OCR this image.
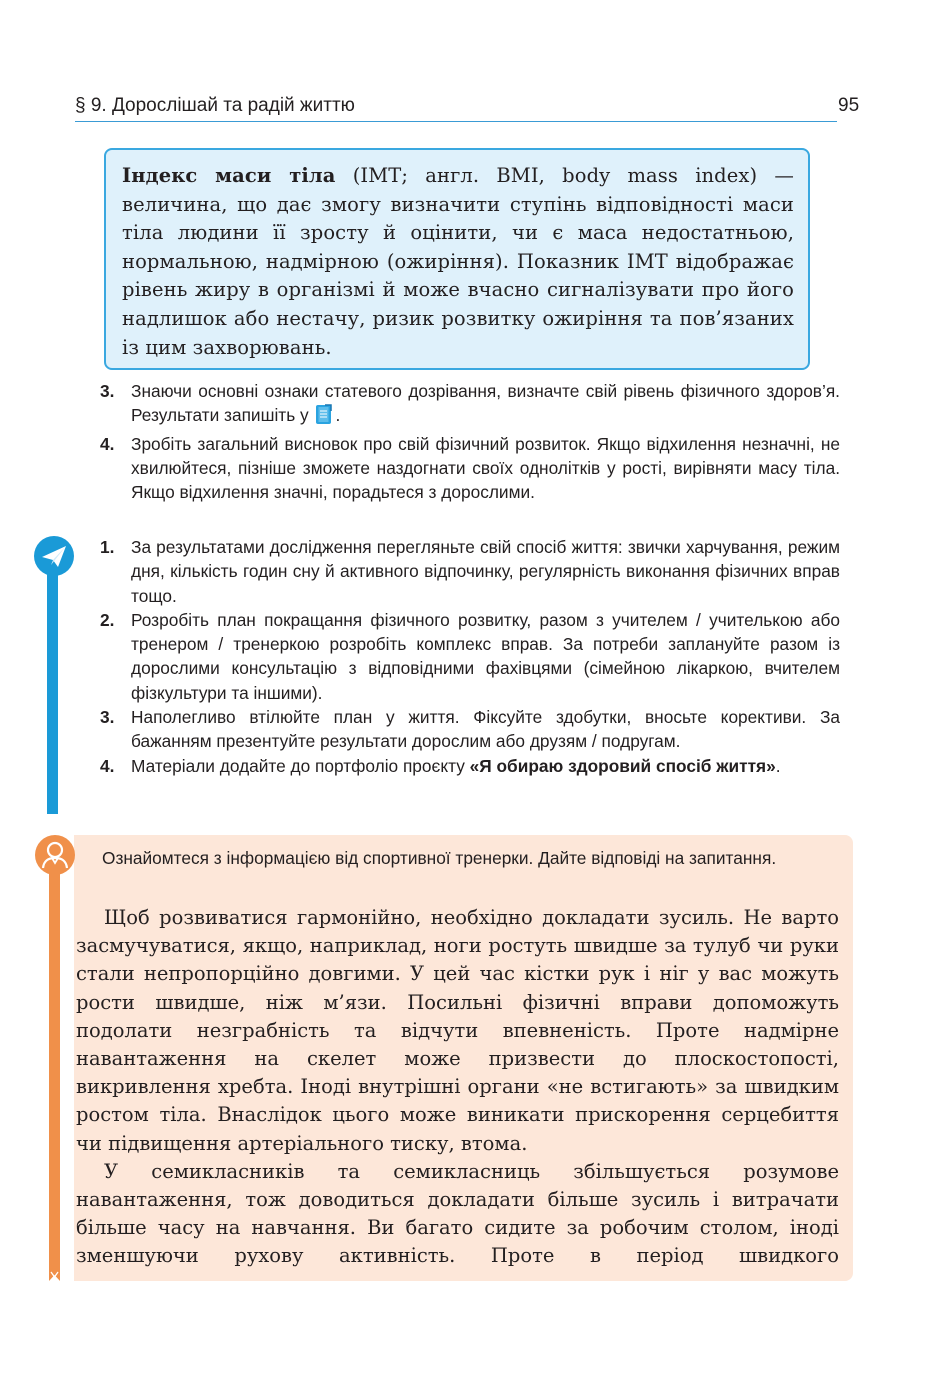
§ 9. Дорослішай та радій життю	95
Індекс маси тіла (ІМТ; англ. BMI, body mass index) — величина, що дає змогу визначити ступінь відповідності маси тіла людини її зросту й оцінити, чи є маса недостатньою, нормальною, надмірною (ожиріння). Показник ІМТ відображає рівень жиру в організмі й може вчасно сигналізувати про його надлишок або нестачу, ризик розвитку ожиріння та пов’язаних із цим захворювань.
3. Знаючи основні ознаки статевого дозрівання, визначте свій рівень фізичного здоров’я. Результати запишіть у .
4. Зробіть загальний висновок про свій фізичний розвиток. Якщо відхилення незначні, не хвилюйтеся, пізніше зможете наздогнати своїх однолітків у рості, вирівняти масу тіла. Якщо відхилення значні, порадьтеся з дорослими.
1. За результатами дослідження перегляньте свій спосіб життя: звички харчування, режим дня, кількість годин сну й активного відпочинку, регулярність виконання фізичних вправ тощо.
2. Розробіть план покращання фізичного розвитку, разом з учителем / учителькою або тренером / тренеркою розробіть комплекс вправ. За потреби заплануйте разом із дорослими консультацію з відповідними фахівцями (сімейною лікаркою, вчителем фізкультури та іншими).
3. Наполегливо втілюйте план у життя. Фіксуйте здобутки, вносьте корективи. За бажанням презентуйте результати дорослим або друзям / подругам.
4. Матеріали додайте до портфоліо проєкту «Я обираю здоровий спосіб життя».
Ознайомтеся з інформацією від спортивної тренерки. Дайте відповіді на запитання.

Щоб розвиватися гармонійно, необхідно докладати зусиль. Не варто засмучуватися, якщо, наприклад, ноги ростуть швидше за тулуб чи руки стали непропорційно довгими. У цей час кістки рук і ніг у вас можуть рости швидше, ніж м’язи. Посильні фізичні вправи допоможуть подолати незграбність та відчути впевненість. Проте надмірне навантаження на скелет може призвести до плоскостопості, викривлення хребта. Іноді внутрішні органи «не встигають» за швидким ростом тіла. Внаслідок цього може виникати прискорення серцебиття чи підвищення артеріального тиску, втома.

У семикласників та семикласниць збільшується розумове навантаження, тож доводиться докладати більше зусиль і витрачати більше часу на навчання. Ви багато сидите за робочим столом, іноді зменшуючи рухову активність. Проте в період швидкого
